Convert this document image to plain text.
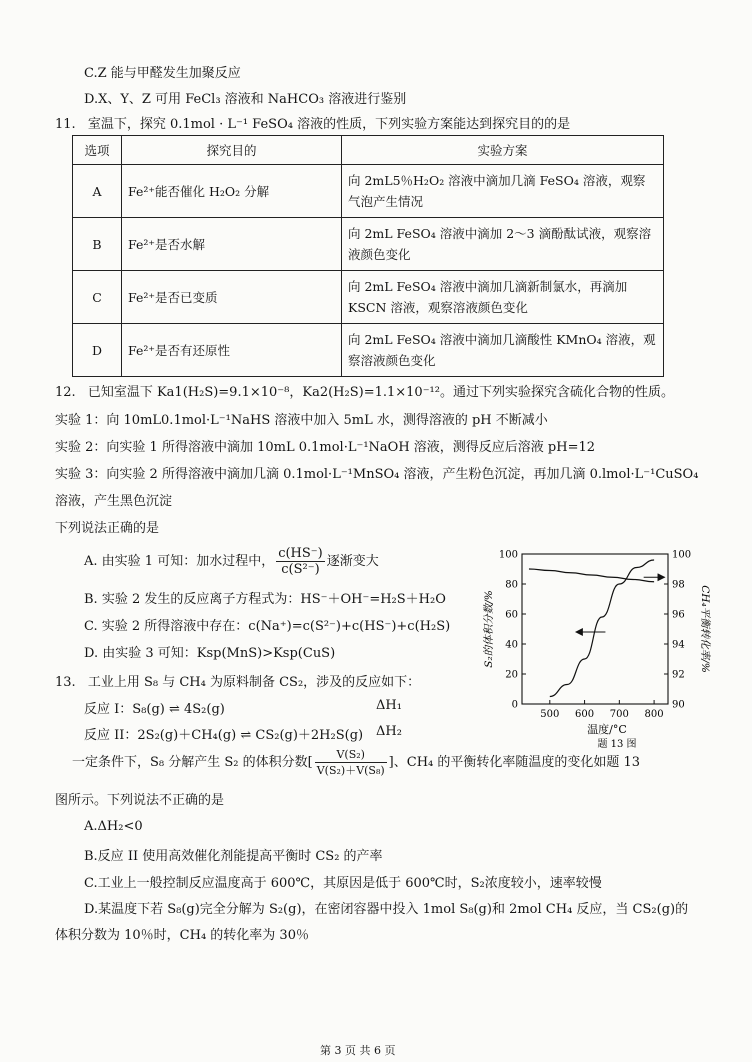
C.Z 能与甲醛发生加聚反应
D.X、Y、Z 可用 FeCl₃ 溶液和 NaHCO₃ 溶液进行鉴别
11. 室温下，探究 0.1mol · L⁻¹ FeSO₄ 溶液的性质，下列实验方案能达到探究目的的是
选项	探究目的	实验方案
A	Fe²⁺能否催化 H₂O₂ 分解	向 2mL5％H₂O₂ 溶液中滴加几滴 FeSO₄ 溶液，观察气泡产生情况
B	Fe²⁺是否水解	向 2mL FeSO₄ 溶液中滴加 2～3 滴酚酞试液，观察溶液颜色变化
C	Fe²⁺是否已变质	向 2mL FeSO₄ 溶液中滴加几滴新制氯水，再滴加 KSCN 溶液，观察溶液颜色变化
D	Fe²⁺是否有还原性	向 2mL FeSO₄ 溶液中滴加几滴酸性 KMnO₄ 溶液，观察溶液颜色变化
12. 已知室温下 Ka1(H₂S)=9.1×10⁻⁸，Ka2(H₂S)=1.1×10⁻¹²。通过下列实验探究含硫化合物的性质。
实验 1：向 10mL0.1mol·L⁻¹NaHS 溶液中加入 5mL 水，测得溶液的 pH 不断减小
实验 2：向实验 1 所得溶液中滴加 10mL 0.1mol·L⁻¹NaOH 溶液，测得反应后溶液 pH=12
实验 3：向实验 2 所得溶液中滴加几滴 0.1mol·L⁻¹MnSO₄ 溶液，产生粉色沉淀，再加几滴 0.lmol·L⁻¹CuSO₄
溶液，产生黑色沉淀
下列说法正确的是
A. 由实验 1 可知：加水过程中， $\frac{c(HS^-)}{\text{c(S²⁻)}}$ 逐渐变大
B. 实验 2 发生的反应离子方程式为：HS⁻＋OH⁻=H₂S＋H₂O
C. 实验 2 所得溶液中存在：c(Na⁺)=c(S²⁻)+c(HS⁻)+c(H₂S)
D. 由实验 3 可知：Ksp(MnS)>Ksp(CuS)
500 600 700 800
0
20
40
60
80
100
90
92
94
96
98
100
S₂的体积分数/%	CH₄平衡转化率/%
温度/°C
题 13 图
13. 工业上用 S₈ 与 CH₄ 为原料制备 CS₂，涉及的反应如下：
反应 I：S₈(g) ⇌ 4S₂(g)	ΔH₁
反应 II：2S₂(g)＋CH₄(g) ⇌ CS₂(g)＋2H₂S(g) ΔH₂
一定条件下，S₈ 分解产生 S₂ 的体积分数[ $\frac{\text{V(S₂)}}{\text{V(S₂)＋V(S₈)}}$ ]、CH₄ 的平衡转化率随温度的变化如题 13
图所示。下列说法不正确的是
A.ΔH₂<0
B.反应 II 使用高效催化剂能提高平衡时 CS₂ 的产率
C.工业上一般控制反应温度高于 600℃，其原因是低于 600℃时，S₂浓度较小，速率较慢
D.某温度下若 S₈(g)完全分解为 S₂(g)，在密闭容器中投入 1mol S₈(g)和 2mol CH₄ 反应，当 CS₂(g)的
体积分数为 10％时，CH₄ 的转化率为 30％
第 3 页 共 6 页
